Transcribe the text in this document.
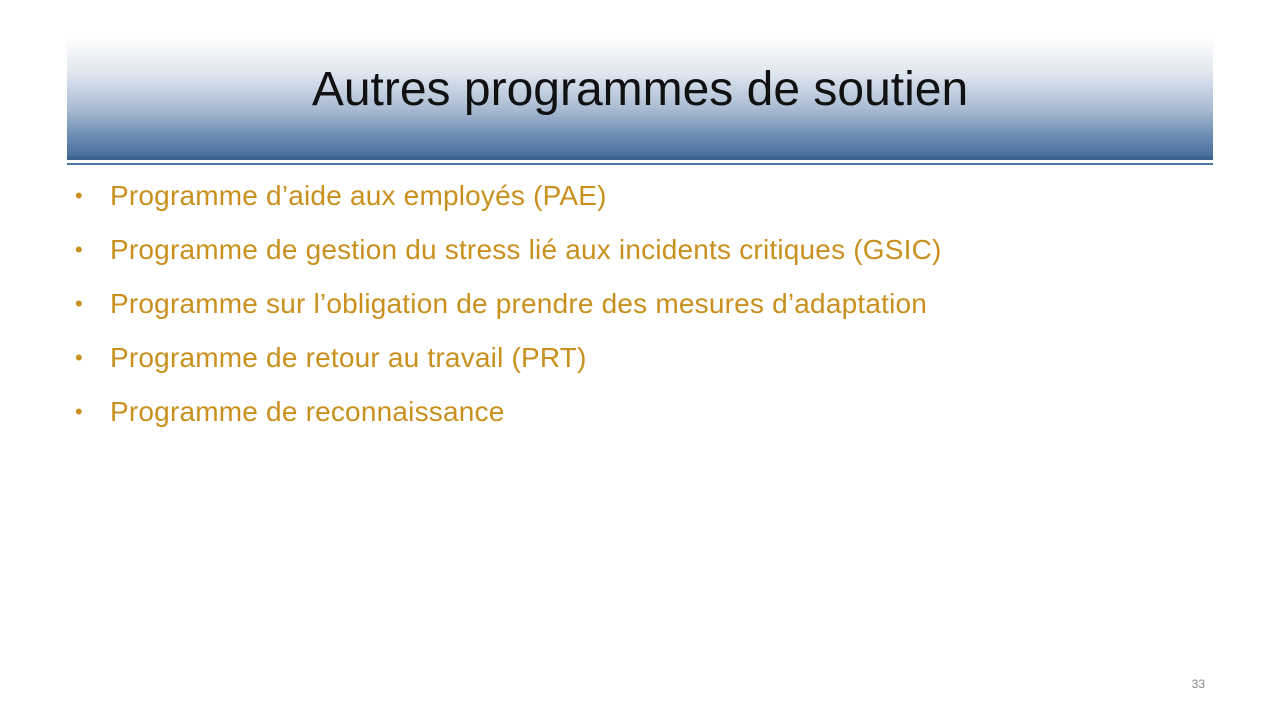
Autres programmes de soutien
• Programme d’aide aux employés (PAE)
• Programme de gestion du stress lié aux incidents critiques (GSIC)
• Programme sur l’obligation de prendre des mesures d’adaptation
• Programme de retour au travail (PRT)
• Programme de reconnaissance
33
